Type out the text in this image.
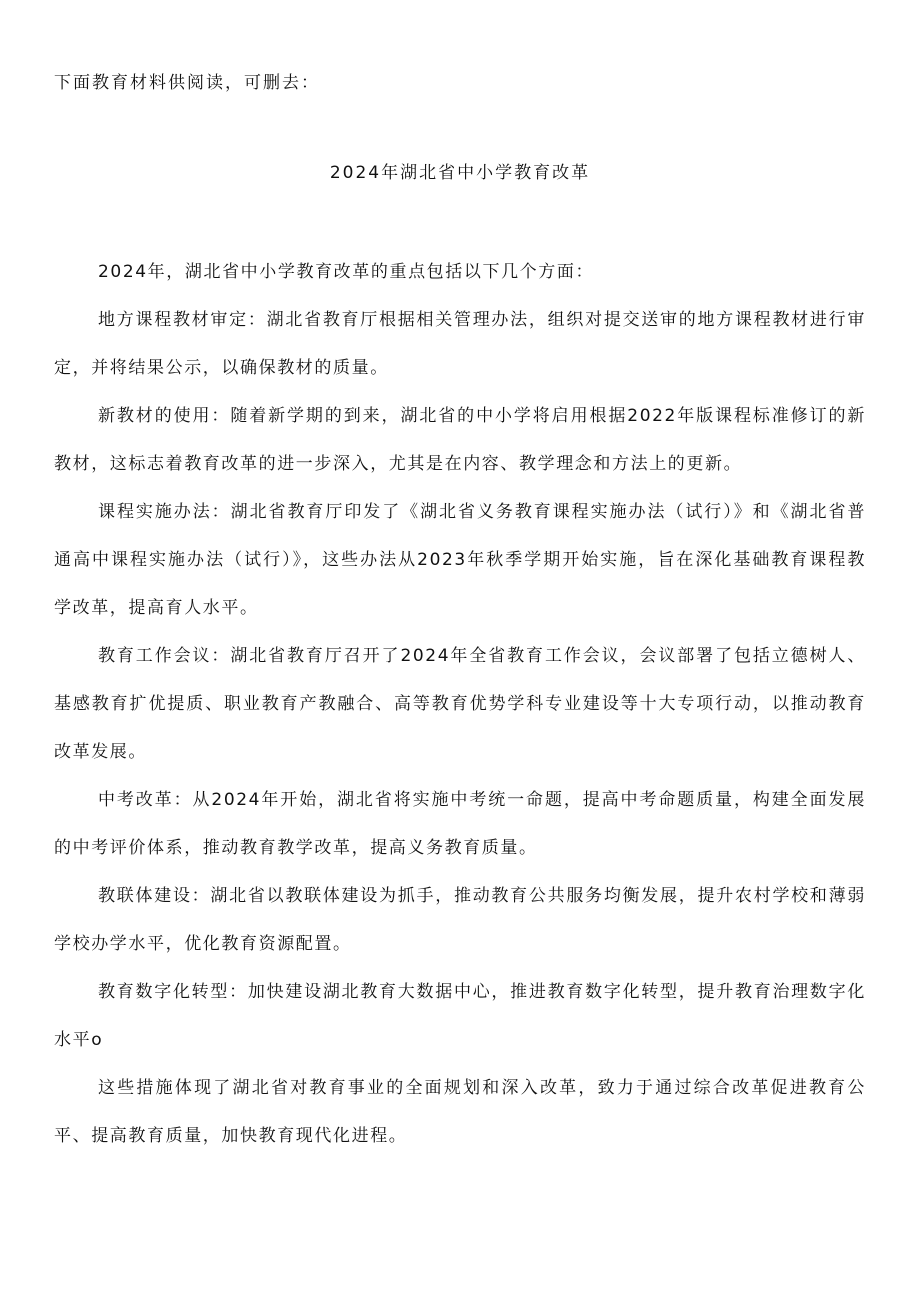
下面教育材料供阅读，可删去：
2024年湖北省中小学教育改革

2024年，湖北省中小学教育改革的重点包括以下几个方面：

地方课程教材审定：湖北省教育厅根据相关管理办法，组织对提交送审的地方课程教材进行审定，并将结果公示，以确保教材的质量。

新教材的使用：随着新学期的到来，湖北省的中小学将启用根据2022年版课程标准修订的新教材，这标志着教育改革的进一步深入，尤其是在内容、教学理念和方法上的更新。

课程实施办法：湖北省教育厅印发了《湖北省义务教育课程实施办法（试行）》和《湖北省普通高中课程实施办法（试行）》，这些办法从2023年秋季学期开始实施，旨在深化基础教育课程教学改革，提高育人水平。

教育工作会议：湖北省教育厅召开了2024年全省教育工作会议，会议部署了包括立德树人、基感教育扩优提质、职业教育产教融合、高等教育优势学科专业建设等十大专项行动，以推动教育改革发展。

中考改革：从2024年开始，湖北省将实施中考统一命题，提高中考命题质量，构建全面发展的中考评价体系，推动教育教学改革，提高义务教育质量。

教联体建设：湖北省以教联体建设为抓手，推动教育公共服务均衡发展，提升农村学校和薄弱学校办学水平，优化教育资源配置。

教育数字化转型：加快建设湖北教育大数据中心，推进教育数字化转型，提升教育治理数字化水平o

这些措施体现了湖北省对教育事业的全面规划和深入改革，致力于通过综合改革促进教育公平、提高教育质量，加快教育现代化进程。
